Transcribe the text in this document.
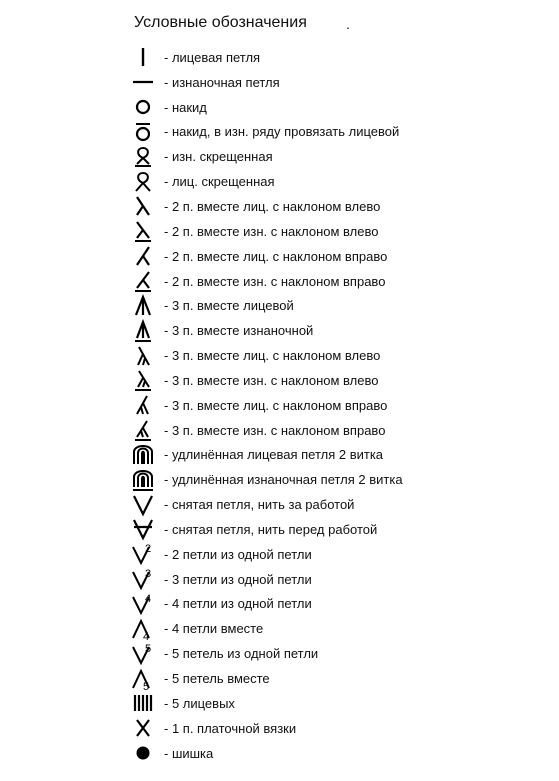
Условные обозначения	.
- лицевая петля
- изнаночная петля
- накид
- накид, в изн. ряду провязать лицевой
- изн. скрещенная
- лиц. скрещенная
- 2 п. вместе лиц. с наклоном влево
- 2 п. вместе изн. с наклоном влево
- 2 п. вместе лиц. с наклоном вправо
- 2 п. вместе изн. с наклоном вправо
- 3 п. вместе лицевой
- 3 п. вместе изнаночной
- 3 п. вместе лиц. с наклоном влево
- 3 п. вместе изн. с наклоном влево
- 3 п. вместе лиц. с наклоном вправо
- 3 п. вместе изн. с наклоном вправо
- удлинённая лицевая петля 2 витка
- удлинённая изнаночная петля 2 витка
- снятая петля, нить за работой
- снятая петля, нить перед работой
2 - 2 петли из одной петли
3 - 3 петли из одной петли
4 - 4 петли из одной петли
4
- 4 петли вместе
5 - 5 петель из одной петли
5
- 5 петель вместе
- 5 лицевых
- 1 п. платочной вязки
- шишка
